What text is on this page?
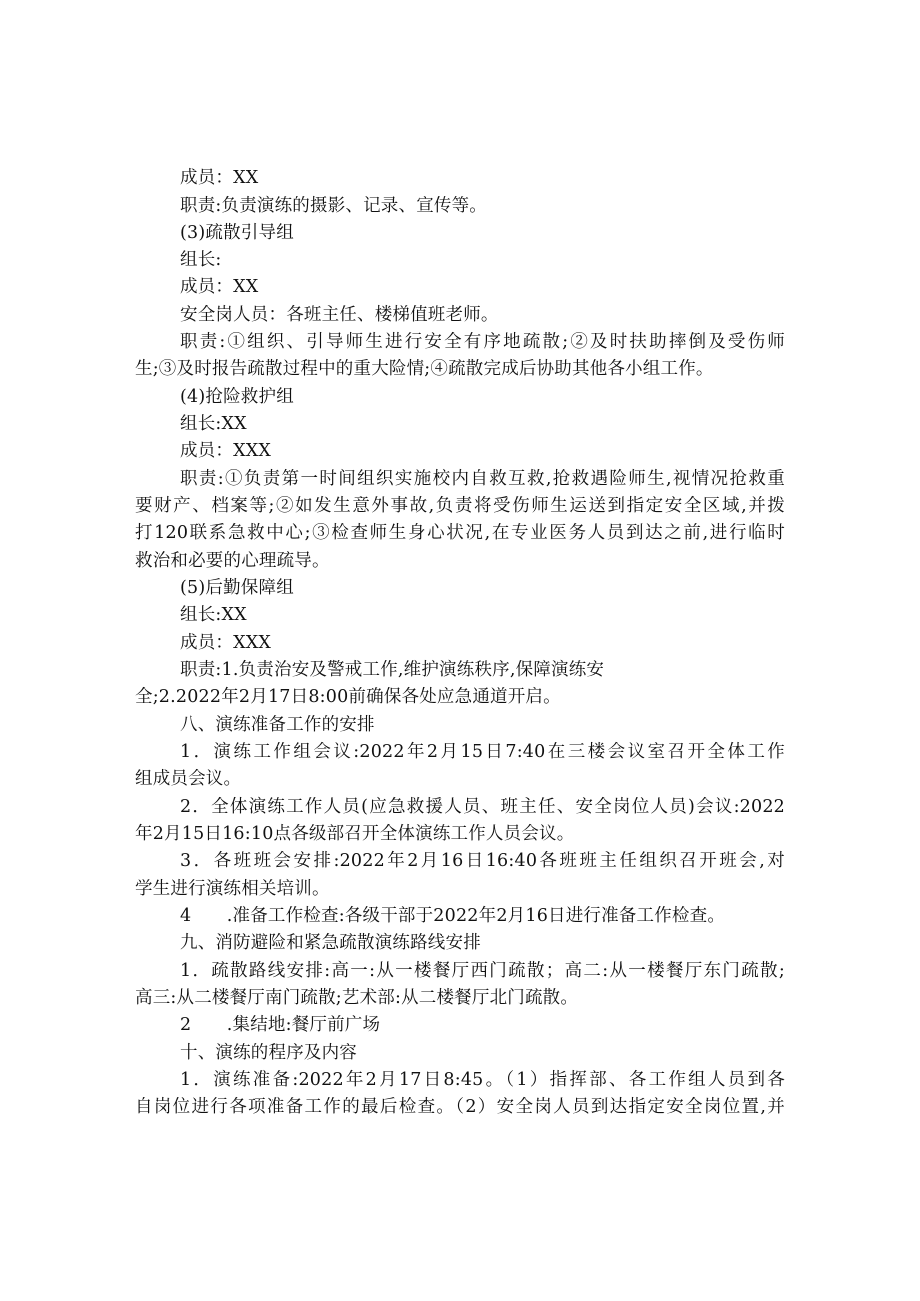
成员：XX
职责:负责演练的摄影、记录、宣传等。
(3)疏散引导组
组长:
成员：XX
安全岗人员：各班主任、楼梯值班老师。
职责:①组织、引导师生进行安全有序地疏散;②及时扶助摔倒及受伤师
生;③及时报告疏散过程中的重大险情;④疏散完成后协助其他各小组工作。
(4)抢险救护组
组长:XX
成员：XXX
职责:①负责第一时间组织实施校内自救互救,抢救遇险师生,视情况抢救重
要财产、档案等;②如发生意外事故,负责将受伤师生运送到指定安全区域,并拨
打120联系急救中心;③检查师生身心状况,在专业医务人员到达之前,进行临时
救治和必要的心理疏导。
(5)后勤保障组
组长:XX
成员：XXX
职责:1.负责治安及警戒工作,维护演练秩序,保障演练安
全;2.2022年2月17日8:00前确保各处应急通道开启。
八、演练准备工作的安排
1．演练工作组会议:2022年2月15日7:40在三楼会议室召开全体工作
组成员会议。
2．全体演练工作人员(应急救援人员、班主任、安全岗位人员)会议:2022
年2月15日16:10点各级部召开全体演练工作人员会议。
3．各班班会安排:2022年2月16日16:40各班班主任组织召开班会,对
学生进行演练相关培训。
4　　.准备工作检查:各级干部于2022年2月16日进行准备工作检查。
九、消防避险和紧急疏散演练路线安排
1．疏散路线安排:高一:从一楼餐厅西门疏散；高二:从一楼餐厅东门疏散;
高三:从二楼餐厅南门疏散;艺术部:从二楼餐厅北门疏散。
2　　.集结地:餐厅前广场
十、演练的程序及内容
1．演练准备:2022年2月17日8:45。（1）指挥部、各工作组人员到各
自岗位进行各项准备工作的最后检查。（2）安全岗人员到达指定安全岗位置,并
